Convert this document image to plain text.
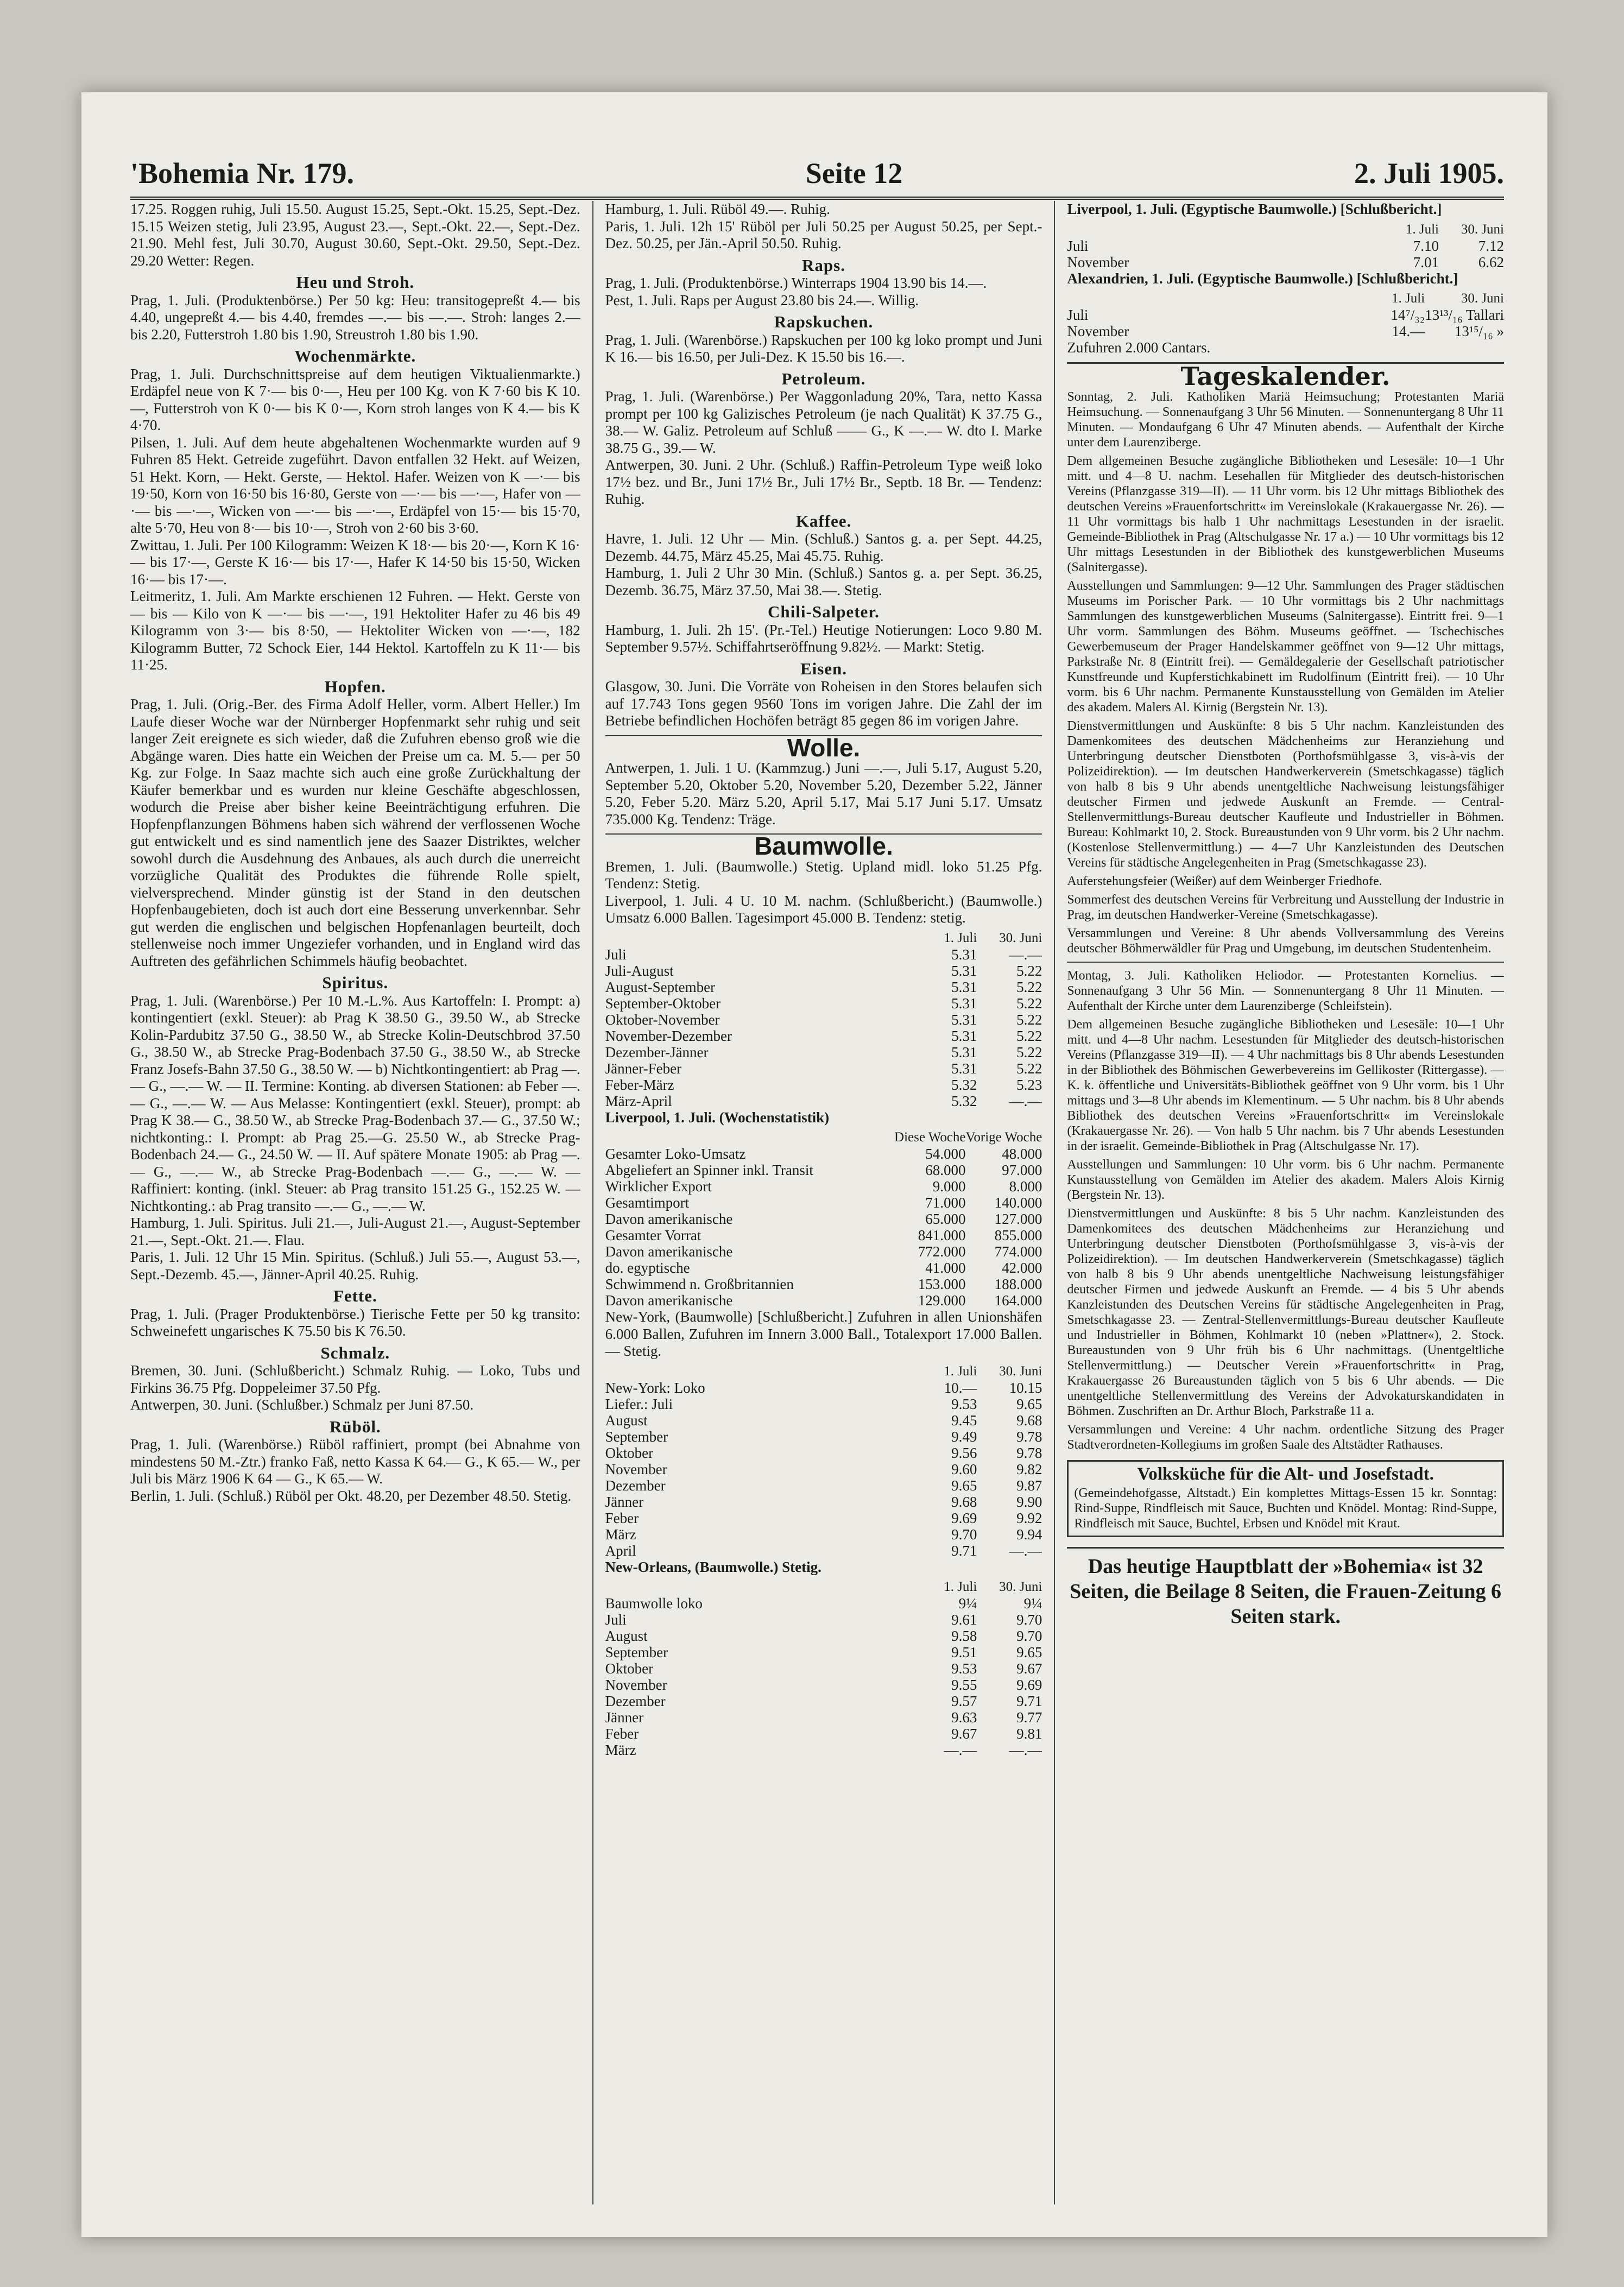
'Bohemia Nr. 179.	Seite 12	2. Juli 1905.

17.25. Roggen ruhig, Juli 15.50. August 15.25, Sept.-Okt. 15.25, Sept.-Dez. 15.15 Weizen stetig, Juli 23.95, August 23.—, Sept.-Okt. 22.—, Sept.-Dez. 21.90. Mehl fest, Juli 30.70, August 30.60, Sept.-Okt. 29.50, Sept.-Dez. 29.20 Wetter: Regen.

Heu und Stroh.

Prag, 1. Juli. (Produktenbörse.) Per 50 kg: Heu: transitogepreßt 4.— bis 4.40, ungepreßt 4.— bis 4.40, fremdes —.— bis —.—. Stroh: langes 2.— bis 2.20, Futterstroh 1.80 bis 1.90, Streustroh 1.80 bis 1.90.

Wochenmärkte.

Prag, 1. Juli. Durchschnittspreise auf dem heutigen Viktualienmarkte.) Erdäpfel neue von K 7·— bis 0·—, Heu per 100 Kg. von K 7·60 bis K 10.—, Futterstroh von K 0·— bis K 0·—, Korn stroh langes von K 4.— bis K 4·70.

Pilsen, 1. Juli. Auf dem heute abgehaltenen Wochenmarkte wurden auf 9 Fuhren 85 Hekt. Getreide zugeführt. Davon entfallen 32 Hekt. auf Weizen, 51 Hekt. Korn, — Hekt. Gerste, — Hektol. Hafer. Weizen von K —·— bis 19·50, Korn von 16·50 bis 16·80, Gerste von —·— bis —·—, Hafer von —·— bis —·—, Wicken von —·— bis —·—, Erdäpfel von 15·— bis 15·70, alte 5·70, Heu von 8·— bis 10·—, Stroh von 2·60 bis 3·60.

Zwittau, 1. Juli. Per 100 Kilogramm: Weizen K 18·— bis 20·—, Korn K 16·— bis 17·—, Gerste K 16·— bis 17·—, Hafer K 14·50 bis 15·50, Wicken 16·— bis 17·—.

Leitmeritz, 1. Juli. Am Markte erschienen 12 Fuhren. — Hekt. Gerste von — bis — Kilo von K —·— bis —·—, 191 Hektoliter Hafer zu 46 bis 49 Kilogramm von 3·— bis 8·50, — Hektoliter Wicken von —·—, 182 Kilogramm Butter, 72 Schock Eier, 144 Hektol. Kartoffeln zu K 11·— bis 11·25.

Hopfen.

Prag, 1. Juli. (Orig.-Ber. des Firma Adolf Heller, vorm. Albert Heller.) Im Laufe dieser Woche war der Nürnberger Hopfenmarkt sehr ruhig und seit langer Zeit ereignete es sich wieder, daß die Zufuhren ebenso groß wie die Abgänge waren. Dies hatte ein Weichen der Preise um ca. M. 5.— per 50 Kg. zur Folge. In Saaz machte sich auch eine große Zurückhaltung der Käufer bemerkbar und es wurden nur kleine Geschäfte abgeschlossen, wodurch die Preise aber bisher keine Beeinträchtigung erfuhren. Die Hopfenpflanzungen Böhmens haben sich während der verflossenen Woche gut entwickelt und es sind namentlich jene des Saazer Distriktes, welcher sowohl durch die Ausdehnung des Anbaues, als auch durch die unerreicht vorzügliche Qualität des Produktes die führende Rolle spielt, vielversprechend. Minder günstig ist der Stand in den deutschen Hopfenbaugebieten, doch ist auch dort eine Besserung unverkennbar. Sehr gut werden die englischen und belgischen Hopfenanlagen beurteilt, doch stellenweise noch immer Ungeziefer vorhanden, und in England wird das Auftreten des gefährlichen Schimmels häufig beobachtet.

Spiritus.

Prag, 1. Juli. (Warenbörse.) Per 10 M.-L.%. Aus Kartoffeln: I. Prompt: a) kontingentiert (exkl. Steuer): ab Prag K 38.50 G., 39.50 W., ab Strecke Kolin-Pardubitz 37.50 G., 38.50 W., ab Strecke Kolin-Deutschbrod 37.50 G., 38.50 W., ab Strecke Prag-Bodenbach 37.50 G., 38.50 W., ab Strecke Franz Josefs-Bahn 37.50 G., 38.50 W. — b) Nichtkontingentiert: ab Prag —.— G., —.— W. — II. Termine: Konting. ab diversen Stationen: ab Feber —.— G., —.— W. — Aus Melasse: Kontingentiert (exkl. Steuer), prompt: ab Prag K 38.— G., 38.50 W., ab Strecke Prag-Bodenbach 37.— G., 37.50 W.; nichtkonting.: I. Prompt: ab Prag 25.—G. 25.50 W., ab Strecke Prag-Bodenbach 24.— G., 24.50 W. — II. Auf spätere Monate 1905: ab Prag —.— G., —.— W., ab Strecke Prag-Bodenbach —.— G., —.— W. — Raffiniert: konting. (inkl. Steuer: ab Prag transito 151.25 G., 152.25 W. — Nichtkonting.: ab Prag transito —.— G., —.— W.

Hamburg, 1. Juli. Spiritus. Juli 21.—, Juli-August 21.—, August-September 21.—, Sept.-Okt. 21.—. Flau.

Paris, 1. Juli. 12 Uhr 15 Min. Spiritus. (Schluß.) Juli 55.—, August 53.—, Sept.-Dezemb. 45.—, Jänner-April 40.25. Ruhig.

Fette.

Prag, 1. Juli. (Prager Produktenbörse.) Tierische Fette per 50 kg transito: Schweinefett ungarisches K 75.50 bis K 76.50.

Schmalz.

Bremen, 30. Juni. (Schlußbericht.) Schmalz Ruhig. — Loko, Tubs und Firkins 36.75 Pfg. Doppeleimer 37.50 Pfg.

Antwerpen, 30. Juni. (Schlußber.) Schmalz per Juni 87.50.

Rüböl.

Prag, 1. Juli. (Warenbörse.) Rüböl raffiniert, prompt (bei Abnahme von mindestens 50 M.-Ztr.) franko Faß, netto Kassa K 64.— G., K 65.— W., per Juli bis März 1906 K 64 — G., K 65.— W.

Berlin, 1. Juli. (Schluß.) Rüböl per Okt. 48.20, per Dezember 48.50. Stetig.

Hamburg, 1. Juli. Rüböl 49.—. Ruhig.

Paris, 1. Juli. 12h 15' Rüböl per Juli 50.25 per August 50.25, per Sept.-Dez. 50.25, per Jän.-April 50.50. Ruhig.

Raps.

Prag, 1. Juli. (Produktenbörse.) Winterraps 1904 13.90 bis 14.—.

Pest, 1. Juli. Raps per August 23.80 bis 24.—. Willig.

Rapskuchen.

Prag, 1. Juli. (Warenbörse.) Rapskuchen per 100 kg loko prompt und Juni K 16.— bis 16.50, per Juli-Dez. K 15.50 bis 16.—.

Petroleum.

Prag, 1. Juli. (Warenbörse.) Per Waggonladung 20%, Tara, netto Kassa prompt per 100 kg Galizisches Petroleum (je nach Qualität) K 37.75 G., 38.— W. Galiz. Petroleum auf Schluß —— G., K —.— W. dto I. Marke 38.75 G., 39.— W.

Antwerpen, 30. Juni. 2 Uhr. (Schluß.) Raffin-Petroleum Type weiß loko 17½ bez. und Br., Juni 17½ Br., Juli 17½ Br., Septb. 18 Br. — Tendenz: Ruhig.

Kaffee.

Havre, 1. Juli. 12 Uhr — Min. (Schluß.) Santos g. a. per Sept. 44.25, Dezemb. 44.75, März 45.25, Mai 45.75. Ruhig.

Hamburg, 1. Juli 2 Uhr 30 Min. (Schluß.) Santos g. a. per Sept. 36.25, Dezemb. 36.75, März 37.50, Mai 38.—. Stetig.

Chili-Salpeter.

Hamburg, 1. Juli. 2h 15'. (Pr.-Tel.) Heutige Notierungen: Loco 9.80 M. September 9.57½. Schiffahrtseröffnung 9.82½. — Markt: Stetig.

Eisen.

Glasgow, 30. Juni. Die Vorräte von Roheisen in den Stores belaufen sich auf 17.743 Tons gegen 9560 Tons im vorigen Jahre. Die Zahl der im Betriebe befindlichen Hochöfen beträgt 85 gegen 86 im vorigen Jahre.

Wolle.

Antwerpen, 1. Juli. 1 U. (Kammzug.) Juni —.—, Juli 5.17, August 5.20, September 5.20, Oktober 5.20, November 5.20, Dezember 5.22, Jänner 5.20, Feber 5.20. März 5.20, April 5.17, Mai 5.17 Juni 5.17. Umsatz 735.000 Kg. Tendenz: Träge.

Baumwolle.

Bremen, 1. Juli. (Baumwolle.) Stetig. Upland midl. loko 51.25 Pfg. Tendenz: Stetig.

Liverpool, 1. Juli. 4 U. 10 M. nachm. (Schlußbericht.) (Baumwolle.) Umsatz 6.000 Ballen. Tagesimport 45.000 B. Tendenz: stetig.

	1. Juli	30. Juni
Juli	5.31	—.—
Juli-August	5.31	5.22
August-September	5.31	5.22
September-Oktober	5.31	5.22
Oktober-November	5.31	5.22
November-Dezember	5.31	5.22
Dezember-Jänner	5.31	5.22
Jänner-Feber	5.31	5.22
Feber-März	5.32	5.23
März-April	5.32	—.—
Liverpool, 1. Juli. (Wochenstatistik)
	Diese Woche	Vorige Woche
Gesamter Loko-Umsatz	54.000	48.000
Abgeliefert an Spinner inkl. Transit	68.000	97.000
Wirklicher Export	9.000	8.000
Gesamtimport	71.000	140.000
Davon amerikanische	65.000	127.000
Gesamter Vorrat	841.000	855.000
Davon amerikanische	772.000	774.000
do. egyptische	41.000	42.000
Schwimmend n. Großbritannien	153.000	188.000
Davon amerikanische	129.000	164.000

New-York, (Baumwolle) [Schlußbericht.] Zufuhren in allen Unionshäfen 6.000 Ballen, Zufuhren im Innern 3.000 Ball., Totalexport 17.000 Ballen. — Stetig.

	1. Juli	30. Juni
New-York: Loko	10.—	10.15
Liefer.: Juli	9.53	9.65
August	9.45	9.68
September	9.49	9.78
Oktober	9.56	9.78
November	9.60	9.82
Dezember	9.65	9.87
Jänner	9.68	9.90
Feber	9.69	9.92
März	9.70	9.94
April	9.71	—.—
New-Orleans, (Baumwolle.) Stetig.
	1. Juli	30. Juni
Baumwolle loko	9¼	9¼
Juli	9.61	9.70
August	9.58	9.70
September	9.51	9.65
Oktober	9.53	9.67
November	9.55	9.69
Dezember	9.57	9.71
Jänner	9.63	9.77
Feber	9.67	9.81
März	—.—	—.—
Liverpool, 1. Juli. (Egyptische Baumwolle.) [Schlußbericht.]
	1. Juli	30. Juni
Juli	7.10	7.12
November	7.01	6.62
Alexandrien, 1. Juli. (Egyptische Baumwolle.) [Schlußbericht.]
	1. Juli	30. Juni
Juli	14⁷/₃₂	13¹³/₁₆ Tallari
November	14.—	13¹⁵/₁₆ »

Zufuhren 2.000 Cantars.

Tageskalender.

Sonntag, 2. Juli. Katholiken Mariä Heimsuchung; Protestanten Mariä Heimsuchung. — Sonnenaufgang 3 Uhr 56 Minuten. — Sonnenuntergang 8 Uhr 11 Minuten. — Mondaufgang 6 Uhr 47 Minuten abends. — Aufenthalt der Kirche unter dem Laurenziberge.

Dem allgemeinen Besuche zugängliche Bibliotheken und Lesesäle: 10—1 Uhr mitt. und 4—8 U. nachm. Lesehallen für Mitglieder des deutsch-historischen Vereins (Pflanzgasse 319—II). — 11 Uhr vorm. bis 12 Uhr mittags Bibliothek des deutschen Vereins »Frauenfortschritt« im Vereinslokale (Krakauergasse Nr. 26). — 11 Uhr vormittags bis halb 1 Uhr nachmittags Lesestunden in der israelit. Gemeinde-Bibliothek in Prag (Altschulgasse Nr. 17 a.) — 10 Uhr vormittags bis 12 Uhr mittags Lesestunden in der Bibliothek des kunstgewerblichen Museums (Salnitergasse).

Ausstellungen und Sammlungen: 9—12 Uhr. Sammlungen des Prager städtischen Museums im Porischer Park. — 10 Uhr vormittags bis 2 Uhr nachmittags Sammlungen des kunstgewerblichen Museums (Salnitergasse). Eintritt frei. 9—1 Uhr vorm. Sammlungen des Böhm. Museums geöffnet. — Tschechisches Gewerbemuseum der Prager Handelskammer geöffnet von 9—12 Uhr mittags, Parkstraße Nr. 8 (Eintritt frei). — Gemäldegalerie der Gesellschaft patriotischer Kunstfreunde und Kupferstichkabinett im Rudolfinum (Eintritt frei). — 10 Uhr vorm. bis 6 Uhr nachm. Permanente Kunstausstellung von Gemälden im Atelier des akadem. Malers Al. Kirnig (Bergstein Nr. 13).

Dienstvermittlungen und Auskünfte: 8 bis 5 Uhr nachm. Kanzleistunden des Damenkomitees des deutschen Mädchenheims zur Heranziehung und Unterbringung deutscher Dienstboten (Porthofsmühlgasse 3, vis-à-vis der Polizeidirektion). — Im deutschen Handwerkerverein (Smetschkagasse) täglich von halb 8 bis 9 Uhr abends unentgeltliche Nachweisung leistungsfähiger deutscher Firmen und jedwede Auskunft an Fremde. — Central-Stellenvermittlungs-Bureau deutscher Kaufleute und Industrieller in Böhmen. Bureau: Kohlmarkt 10, 2. Stock. Bureaustunden von 9 Uhr vorm. bis 2 Uhr nachm. (Kostenlose Stellenvermittlung.) — 4—7 Uhr Kanzleistunden des Deutschen Vereins für städtische Angelegenheiten in Prag (Smetschkagasse 23).

Auferstehungsfeier (Weißer) auf dem Weinberger Friedhofe.

Sommerfest des deutschen Vereins für Verbreitung und Ausstellung der Industrie in Prag, im deutschen Handwerker-Vereine (Smetschkagasse).

Versammlungen und Vereine: 8 Uhr abends Vollversammlung des Vereins deutscher Böhmerwäldler für Prag und Umgebung, im deutschen Studentenheim.

Montag, 3. Juli. Katholiken Heliodor. — Protestanten Kornelius. — Sonnenaufgang 3 Uhr 56 Min. — Sonnenuntergang 8 Uhr 11 Minuten. — Aufenthalt der Kirche unter dem Laurenziberge (Schleifstein).

Dem allgemeinen Besuche zugängliche Bibliotheken und Lesesäle: 10—1 Uhr mitt. und 4—8 Uhr nachm. Lesestunden für Mitglieder des deutsch-historischen Vereins (Pflanzgasse 319—II). — 4 Uhr nachmittags bis 8 Uhr abends Lesestunden in der Bibliothek des Böhmischen Gewerbevereins im Gellikoster (Rittergasse). — K. k. öffentliche und Universitäts-Bibliothek geöffnet von 9 Uhr vorm. bis 1 Uhr mittags und 3—8 Uhr abends im Klementinum. — 5 Uhr nachm. bis 8 Uhr abends Bibliothek des deutschen Vereins »Frauenfortschritt« im Vereinslokale (Krakauergasse Nr. 26). — Von halb 5 Uhr nachm. bis 7 Uhr abends Lesestunden in der israelit. Gemeinde-Bibliothek in Prag (Altschulgasse Nr. 17).

Ausstellungen und Sammlungen: 10 Uhr vorm. bis 6 Uhr nachm. Permanente Kunstausstellung von Gemälden im Atelier des akadem. Malers Alois Kirnig (Bergstein Nr. 13).

Dienstvermittlungen und Auskünfte: 8 bis 5 Uhr nachm. Kanzleistunden des Damenkomitees des deutschen Mädchenheims zur Heranziehung und Unterbringung deutscher Dienstboten (Porthofsmühlgasse 3, vis-à-vis der Polizeidirektion). — Im deutschen Handwerkerverein (Smetschkagasse) täglich von halb 8 bis 9 Uhr abends unentgeltliche Nachweisung leistungsfähiger deutscher Firmen und jedwede Auskunft an Fremde. — 4 bis 5 Uhr abends Kanzleistunden des Deutschen Vereins für städtische Angelegenheiten in Prag, Smetschkagasse 23. — Zentral-Stellenvermittlungs-Bureau deutscher Kaufleute und Industrieller in Böhmen, Kohlmarkt 10 (neben »Plattner«), 2. Stock. Bureaustunden von 9 Uhr früh bis 6 Uhr nachmittags. (Unentgeltliche Stellenvermittlung.) — Deutscher Verein »Frauenfortschritt« in Prag, Krakauergasse 26 Bureaustunden täglich von 5 bis 6 Uhr abends. — Die unentgeltliche Stellenvermittlung des Vereins der Advokaturskandidaten in Böhmen. Zuschriften an Dr. Arthur Bloch, Parkstraße 11 a.

Versammlungen und Vereine: 4 Uhr nachm. ordentliche Sitzung des Prager Stadtverordneten-Kollegiums im großen Saale des Altstädter Rathauses.

Volksküche für die Alt- und Josefstadt.

(Gemeindehofgasse, Altstadt.) Ein komplettes Mittags-Essen 15 kr. Sonntag: Rind-Suppe, Rindfleisch mit Sauce, Buchten und Knödel. Montag: Rind-Suppe, Rindfleisch mit Sauce, Buchtel, Erbsen und Knödel mit Kraut.

Das heutige Hauptblatt der »Bohemia« ist 32 Seiten, die Beilage 8 Seiten, die Frauen-Zeitung 6 Seiten stark.
